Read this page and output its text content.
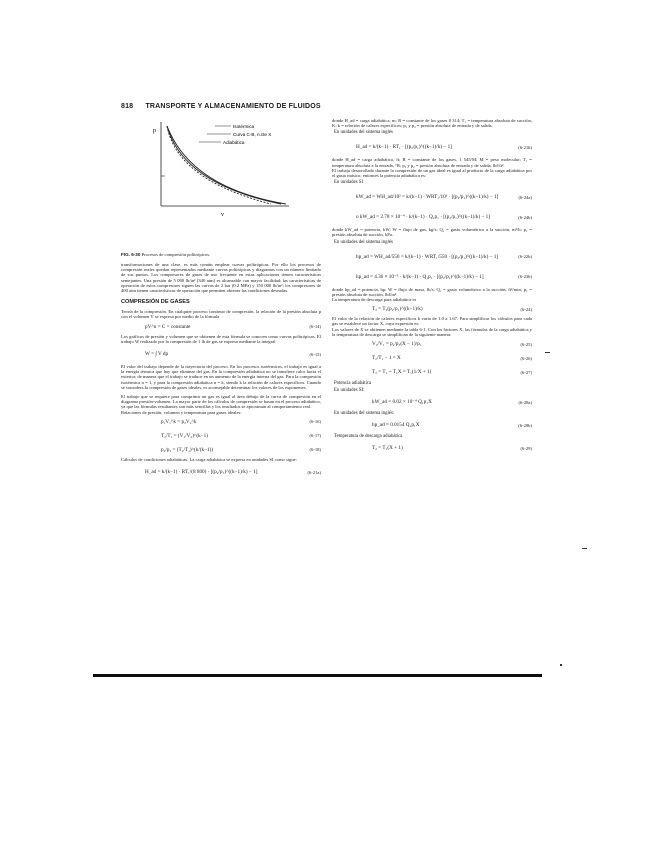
818 TRANSPORTE Y ALMACENAMIENTO DE FLUIDOS
p
v
Isotérmica
Curva C-B, n.cte X
Adiabática
FIG. 6-30 Procesos de compresión politrópicos.

transformaciones de una clase, es más común emplear curvas politrópicas. Por ello los procesos de compresión reales quedan representados mediante curvas politrópicas y diagramas con un número limitado de sus puntos. Los compresores de gases de uso frecuente en estas aplicaciones tienen características semejantes. Una presión de 5 000 lb/in² (340 atm) es alcanzable con mayor facilidad; las características de operación de estos compresores siguen las curvas de 2 bar (0.2 MPa) y 150 000 lb/in²; los compresores de 400 atm tienen características de operación que permiten obtener las condiciones deseadas.

COMPRESIÓN DE GASES

Teoría de la compresión. En cualquier proceso continuo de compresión, la relación de la presión absoluta p con el volumen V se expresa por medio de la fórmula

pV^n = C = constante	(6-14)

Los gráficos de presión y volumen que se obtienen de esta fórmula se conocen como curvas politrópicas. El trabajo W realizado por la compresión de 1 lb de gas se expresa mediante la integral

W = ∫ V dp	(6-15)

El valor del trabajo depende de la trayectoria del proceso. En los procesos isotérmicos, el trabajo es igual a la energía térmica que hay que eliminar del gas. En la compresión adiabática no se transfiere calor hacia el exterior, de manera que el trabajo se traduce en un aumento de la energía interna del gas. Para la compresión isotérmica n = 1, y para la compresión adiabática n = k, siendo k la relación de calores específicos. Cuando se considera la compresión de gases ideales, es aconsejable determinar los valores de los exponentes.

El trabajo que se requiere para comprimir un gas es igual al área debajo de la curva de compresión en el diagrama presión-volumen. La mayor parte de los cálculos de compresión se basan en el proceso adiabático, ya que las fórmulas resultantes son más sencillas y los resultados se aproximan al comportamiento real.

Relaciones de presión, volumen y temperatura para gases ideales:

p₁V₁^k = p₂V₂^k	(6-16)
T₂/T₁ = (V₁/V₂)^(k−1)	(6-17)
p₂/p₁ = (T₂/T₁)^(k/(k−1))	(6-18)

Cálculos de condiciones adiabáticas. La carga adiabática se expresa en unidades SI como sigue:

H_ad = k/(k−1) · RT₁/(8 800) · [(p₂/p₁)^((k−1)/k) − 1]	(6-21a)

donde H_ad = carga adiabática, m; R = constante de los gases 8 314; T₁ = temperatura absoluta de succión, K; k = relación de calores específicos; p₁ y p₂ = presión absoluta de entrada y de salida.

En unidades del sistema inglés
H_ad = k/(k−1) · RT₁ · [(p₂/p₁)^((k−1)/k) − 1]	(6-21b)

donde H_ad = carga adiabática, ft; R = constante de los gases, 1 545/M; M = peso molecular; T₁ = temperatura absoluta a la entrada, °R; p₁ y p₂ = presión absoluta de entrada y de salida, lbf/ft².

El trabajo desarrollado durante la compresión de un gas ideal es igual al producto de la carga adiabática por el gasto másico; entonces la potencia adiabática es:

En unidades SI
kW_ad = WH_ad/10² = k/(k−1) · WRT₁/10² · [(p₂/p₁)^((k−1)/k) − 1]	(6-24a)
o kW_ad = 2.78 × 10⁻⁴ · k/(k−1) · Q₁p₁ · [(p₂/p₁)^((k−1)/k) − 1]	(6-24b)

donde kW_ad = potencia, kW; W = flujo de gas, kg/s; Q₁ = gasto volumétrico a la succión, m³/h; p₁ = presión absoluta de succión, kPa.

En unidades del sistema inglés
hp_ad = WH_ad/550 = k/(k−1) · WRT₁/550 · [(p₂/p₁)^((k−1)/k) − 1]	(6-22b)
hp_ad = 4.36 × 10⁻³ · k/(k−1) · Q₁p₁ · [(p₂/p₁)^((k−1)/k) − 1]	(6-23b)

donde hp_ad = potencia, hp; W = flujo de masa, lb/s; Q₁ = gasto volumétrico a la succión, ft³/min; p₁ = presión absoluta de succión, lbf/in².

La temperatura de descarga para adiabática es

T₂ = T₁(p₂/p₁)^((k−1)/k)	(6-24)

El valor de la relación de calores específicos k varía de 1.0 a 1.67. Para simplificar los cálculos para cada gas se establece un factor X, cuya expresión es:

Los valores de X se obtienen mediante la tabla 6-1. Con los factores X, las fórmulas de la carga adiabática y la temperatura de descarga se simplifican de la siguiente manera:

V₂/V₁ = p₁/p₂(X − 1)/p₁	(6-25)
T₂/T₁ − 1 = X	(6-26)
T₂ = T₁ + T₁X = T₁(1/X + 1)	(6-27)
Potencia adiabática
En unidades SI:
kW_ad = 0.02 × 10⁻⁴ Q₁p₁X	(6-28a)
En unidades del sistema inglés:
hp_ad = 0.0154 Q₁p₁X	(6-28b)
Temperatura de descarga adiabática
T₂ = T₁(X + 1)	(6-29)
